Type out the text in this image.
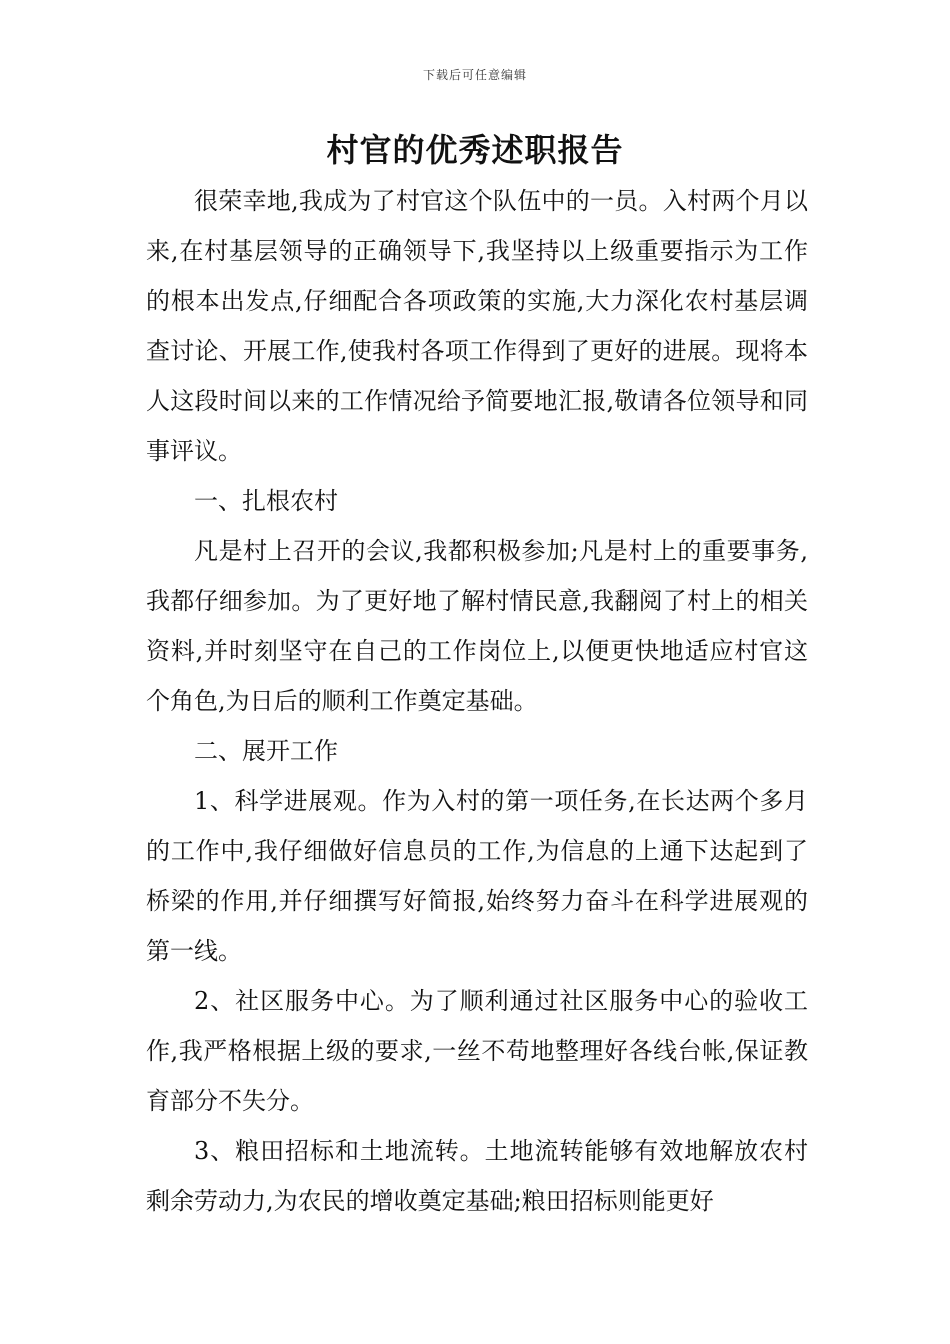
下载后可任意编辑
村官的优秀述职报告

很荣幸地,我成为了村官这个队伍中的一员。入村两个月以来,在村基层领导的正确领导下,我坚持以上级重要指示为工作的根本出发点,仔细配合各项政策的实施,大力深化农村基层调查讨论、开展工作,使我村各项工作得到了更好的进展。现将本人这段时间以来的工作情况给予简要地汇报,敬请各位领导和同事评议。

一、扎根农村

凡是村上召开的会议,我都积极参加;凡是村上的重要事务,我都仔细参加。为了更好地了解村情民意,我翻阅了村上的相关资料,并时刻坚守在自己的工作岗位上,以便更快地适应村官这个角色,为日后的顺利工作奠定基础。

二、展开工作

1、科学进展观。作为入村的第一项任务,在长达两个多月的工作中,我仔细做好信息员的工作,为信息的上通下达起到了桥梁的作用,并仔细撰写好简报,始终努力奋斗在科学进展观的第一线。

2、社区服务中心。为了顺利通过社区服务中心的验收工作,我严格根据上级的要求,一丝不苟地整理好各线台帐,保证教育部分不失分。

3、粮田招标和土地流转。土地流转能够有效地解放农村剩余劳动力,为农民的增收奠定基础;粮田招标则能更好
